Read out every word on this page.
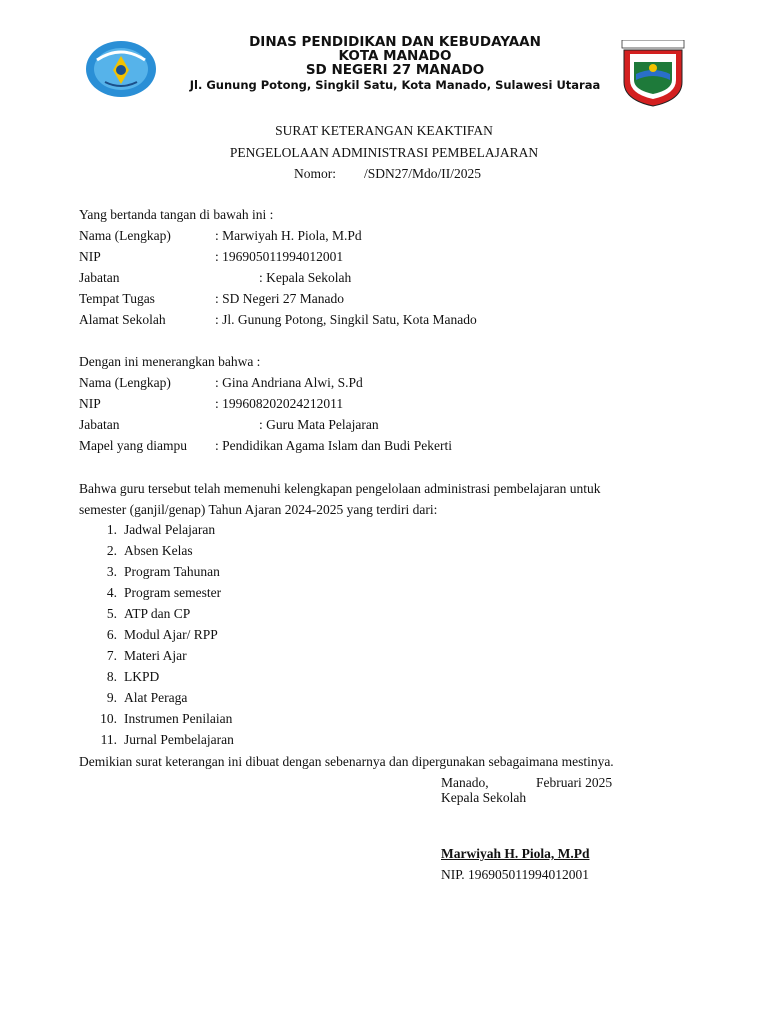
DINAS PENDIDIKAN DAN KEBUDAYAAN
KOTA MANADO
SD NEGERI 27 MANADO
Jl. Gunung Potong, Singkil Satu, Kota Manado, Sulawesi Utaraa
SURAT KETERANGAN KEAKTIFAN
PENGELOLAAN ADMINISTRASI PEMBELAJARAN
Nomor: /SDN27/Mdo/II/2025
Yang bertanda tangan di bawah ini :
Nama (Lengkap)	: Marwiyah H. Piola, M.Pd
NIP	: 196905011994012001
Jabatan	: Kepala Sekolah
Tempat Tugas	: SD Negeri 27 Manado
Alamat Sekolah	: Jl. Gunung Potong, Singkil Satu, Kota Manado
Dengan ini menerangkan bahwa :
Nama (Lengkap)	: Gina Andriana Alwi, S.Pd
NIP	: 199608202024212011
Jabatan	: Guru Mata Pelajaran
Mapel yang diampu : Pendidikan Agama Islam dan Budi Pekerti
Bahwa guru tersebut telah memenuhi kelengkapan pengelolaan administrasi pembelajaran untuk
semester (ganjil/genap) Tahun Ajaran 2024-2025 yang terdiri dari:
1. Jadwal Pelajaran
2. Absen Kelas
3. Program Tahunan
4. Program semester
5. ATP dan CP
6. Modul Ajar/ RPP
7. Materi Ajar
8. LKPD
9. Alat Peraga
10. Instrumen Penilaian
11. Jurnal Pembelajaran
Demikian surat keterangan ini dibuat dengan sebenarnya dan dipergunakan sebagaimana mestinya.
Manado,	Februari 2025
Kepala Sekolah
Marwiyah H. Piola, M.Pd
NIP. 196905011994012001
